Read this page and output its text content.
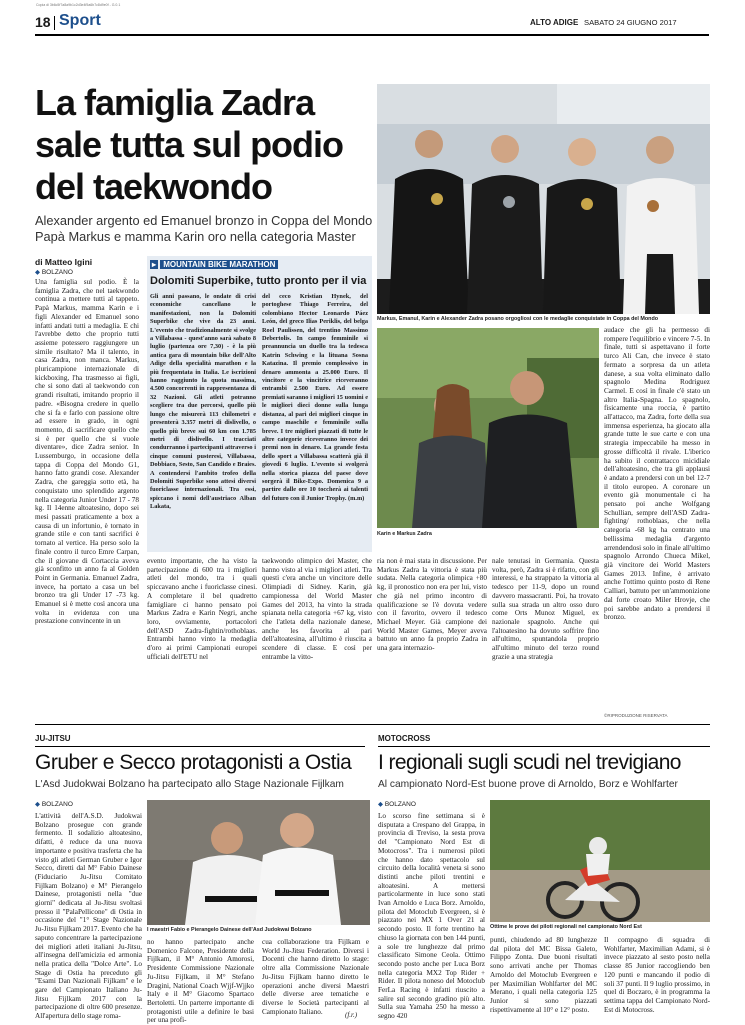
Copia di 3b6c5f7a8a9b1c2d3e4f5a6b7c8d9e0f - G.0.1
18 Sport	ALTO ADIGE SABATO 24 GIUGNO 2017
La famiglia Zadra sale tutta sul podio del taekwondo
Alexander argento ed Emanuel bronzo in Coppa del Mondo
Papà Markus e mamma Karin oro nella categoria Master
di Matteo Igini
◆ BOLZANO
Una famiglia sul podio. È la famiglia Zadra, che nel taekwondo continua a mettere tutti al tappeto. Papà Markus, mamma Karin e i figli Alexander ed Emanuel sono infatti andati tutti a medaglia. E chi l'avrebbe detto che proprio tutti assieme potessero raggiungere un simile risultato? Ma il talento, in casa Zadra, non manca. Markus, pluricampione internazionale di kickboxing, l'ha trasmesso ai figli, che si sono dati al taekwondo con grandi risultati, imitando proprio il padre. «Bisogna credere in quello che si fa e farlo con passione oltre ad essere in grado, in ogni momento, di sacrificare quello che si è per quello che si vuole diventare», dice Zadra senior. In Lussemburgo, in occasione della tappa di Coppa del Mondo G1, hanno fatto grandi cose. Alexander Zadra, che gareggia sotto età, ha conquistato uno splendido argento nella categoria Junior Under 17 - 78 kg. Il 14enne altoatesino, dopo sei mesi passati praticamente a box a causa di un infortunio, è tornato in grande stile e con tanti sacrifici è tornato al vertice. Ha perso solo la finale contro il turco Emre Carpan, che il giovane di Cortaccia aveva già sconfitto un anno fa al Golden Point in Germania. Emanuel Zadra, invece, ha portato a casa un bel bronzo tra gli Under 17 -73 kg. Emanuel si è mette così ancora una volta in evidenza con una prestazione convincente in un
▸ MOUNTAIN BIKE MARATHON
Dolomiti Superbike, tutto pronto per il via
Gli anni passano, le ondate di crisi economiche cancellano le manifestazioni, non la Dolomiti Superbike che vive da 23 anni. L'evento che tradizionalmente si svolge a Villabassa - quest'anno sarà sabato 8 luglio (partenza ore 7,30) - è la più antica gara di mountain bike dell'Alto Adige della specialità marathon e la più frequentata in Italia. Le iscrizioni hanno raggiunto la quota massima, 4.500 concorrenti in rappresentanza di 32 Nazioni. Gli atleti potranno scegliere tra due percorsi, quello più lungo che misurerà 113 chilometri e presenterà 3.357 metri di dislivello, o quello più breve sui 60 km con 1.785 metri di dislivello. I tracciati condurranno i partecipanti attraverso i cinque comuni pusteresi, Villabassa, Dobbiaco, Sesto, San Candido e Braies. A contendersi l'ambito trofeo della Dolomiti Superbike sono attesi diversi fuoriclasse internazionali. Tra essi, spiccano i nomi dell'austriaco Alban Lakata,
del ceco Kristian Hynek, del portoghese Thiago Ferreira, del colombiano Hector Leonardo Páez León, del greco Ilias Periklis, del belga Roel Paulissen, del trentino Massimo Debertolis. In campo femminile si preannuncia un duello tra la tedesca Katrin Schwing e la lituana Sosna Katazina. Il premio complessivo in denaro ammonta a 25.000 Euro. Il vincitore e la vincitrice riceveranno entrambi 2.500 Euro. Ad essere premiati saranno i migliori 15 uomini e le migliori dieci donne sulla lunga distanza, al pari dei migliori cinque in campo maschile e femminile sulla breve. I tre migliori piazzati di tutte le altre categorie riceveranno invece dei premi non in denaro. La grande festa dello sport a Villabassa scatterà già il giovedì 6 luglio. L'evento si svolgerà nella storica piazza del paese dove sorgerà il Bike-Expo. Domenica 9 a partire dalle ore 10 toccherà ai talenti del futuro con il Junior Trophy. (m.m)
evento importante, che ha visto la partecipazione di 600 tra i migliori atleti del mondo, tra i quali spiccavano anche i fuoriclasse cinesi. A completare il bel quadretto famigliare ci hanno pensato poi Markus Zadra e Karin Negri, anche loro, ovviamente, portacolori dell'ASD Zadra-fightin/rothoblaas. Entrambi hanno vinto la medaglia d'oro ai primi Campionati europei ufficiali dell'ETU nel
taekwondo olimpico dei Master, che hanno visto al via i migliori atleti. Tra questi c'era anche un vincitore delle Olimpiadi di Sidney. Karin, già campionessa del World Master Games del 2013, ha vinto la strada spianata nella categoria +67 kg, visto che l'atleta della nazionale danese, anche les favorita al pari dell'altoatesina, all'ultimo è riuscita a scendere di classe. E così per entrambe la vitto-
ria non è mai stata in discussione. Per Markus Zadra la vittoria è stata più sudata. Nella categoria olimpica +80 kg, il pronostico non era per lui, visto che già nel primo incontro di qualificazione se l'è dovuta vedere con il favorito, ovvero il tedesco Michael Meyer. Già campione dei World Master Games, Meyer aveva battuto un anno fa proprio Zadra in una gara internazio-
nale tenutasi in Germania. Questa volta, però, Zadra si è rifatto, con gli interessi, e ha strappato la vittoria al tedesco per 11-9, dopo un round davvero massacranti. Poi, ha trovato sulla sua strada un altro osso duro come Orts Munoz Miguel, ex nazionale spagnolo. Anche qui l'altoatesino ha dovuto soffrire fino all'ultimo, spuntandola proprio all'ultimo minuto del terzo round grazie a una strategia
audace che gli ha permesso di rompere l'equilibrio e vincere 7-5. In finale, tutti si aspettavano il forte turco Ali Can, che invece è stato fermato a sorpresa da un atleta danese, a sua volta eliminato dallo spagnolo Medina Rodriguez Carmel. E così in finale c'è stato un altro Italia-Spagna. Lo spagnolo, fisicamente una roccia, è partito all'attacco, ma Zadra, forte della sua immensa esperienza, ha giocato alla grande tutte le sue carte e con una strategia impeccabile ha messo in grosse difficoltà il rivale. L'iberico ha subito il contrattacco micidiale dell'altoatesino, che tra gli applausi è andato a prendersi con un bel 12-7 il titolo europeo. A coronare un evento già monumentale ci ha pensato poi anche Wolfgang Schullian, sempre dell'ASD Zadra-fighting/ rothoblaas, che nella categoria -68 kg ha centrato una bellissima medaglia d'argento arrendendosi solo in finale all'ultimo spagnolo Arrondo Chueca Mikel, già vincitore dei World Masters Games 2013. Infine, è arrivato anche l'ottimo quinto posto di Rene Calliari, battuto per un'ammonizione dal forte croato Miler Hrovje, che poi sarebbe andato a prendersi il bronzo.
©RIPRODUZIONE RISERVATA
Markus, Emanul, Karin e Alexander Zadra posano orgogliosi con le medaglie conquistate in Coppa del Mondo
Karin e Markus Zadra
JU-JITSU
Gruber e Secco protagonisti a Ostia
L'Asd Judokwai Bolzano ha partecipato allo Stage Nazionale Fijlkam
◆ BOLZANO
L'attività dell'A.S.D. Judokwai Bolzano prosegue con grande fermento. Il sodalizio altoatesino, difatti, è reduce da una nuova importante e positiva trasferta che ha visto gli atleti German Gruber e Igor Secco, diretti dal M° Fabio Dainese (Fiduciario Ju-Jitsu Comitato Fijlkam Bolzano) e M° Pierangelo Dainese, protagonisti nella "due giorni" dedicata al Ju-Jitsu svoltasi presso il "PalaPellicone" di Ostia in occasione del "1° Stage Nazionale Ju-Jitsu Fijlkam 2017. Evento che ha saputo concentrare la partecipazione dei migliori atleti italiani Ju-Jitsu, all'insegna dell'amicizia ed armonia nella pratica della "Dolce Arte". Lo Stage di Ostia ha preceduto gli "Esami Dan Nazionali Fijlkam" e le gare del Campionato Italiano Ju-Jitsu Fijlkam 2017 con la partecipazione di oltre 600 presenze. All'apertura dello stage roma-
I maestri Fabio e Pierangelo Dainese dell'Asd Judokwai Bolzano
no hanno partecipato anche Domenico Falcone, Presidente della Fijlkam, il M° Antonio Amorosi, Presidente Commissione Nazionale Ju-Jitsu Fijlkam, il M° Stefano Dragini, National Coach Wjjf-Wjjko Italy e il M° Giacomo Spartaco Bertoletti. Un parterre importante di protagonisti utile a definire le basi per una profi-
cua collaborazione tra Fijlkam e World Ju-Jitsu Federation. Diversi i Docenti che hanno diretto lo stage: oltre alla Commissione Nazionale Ju-Jitsu Fijlkam hanno diretto le operazioni anche diversi Maestri delle diverse aree tematiche e diverse le Società partecipanti al Campionato Italiano.	(f.r.)
MOTOCROSS
I regionali sugli scudi nel trevigiano
Al campionato Nord-Est buone prove di Arnoldo, Borz e Wohlfarter
◆ BOLZANO
Lo scorso fine settimana si è disputata a Crespano del Grappa, in provincia di Treviso, la sesta prova del "Campionato Nord Est di Motocross". Tra i numerosi piloti che hanno dato spettacolo sul circuito della località veneta si sono distinti anche piloti trentini e altoatesini. A mettersi particolarmente in luce sono stati Ivan Arnoldo e Luca Borz. Arnoldo, pilota del Motoclub Evergreen, si è piazzato nei MX 1 Over 21 al secondo posto. Il forte trentino ha chiuso la giornata con ben 144 punti, a sole tre lunghezze dal primo classificato Simone Ceola. Ottimo secondo posto anche per Luca Borz nella categoria MX2 Top Rider + Rider. Il pilota noneso del Motoclub FerLa Racing è infatti riuscito a salire sul secondo gradino più alto. Sulla sua Yamaha 250 ha messo a segno 420
Ottime le prove dei piloti regionali nel campionato Nord Est
punti, chiudendo ad 80 lunghezze dal pilota del MC Bissa Galeto, Filippo Zonta. Due buoni risultati sono arrivati anche per Thomas Arnoldo del Motoclub Evergreen e per Maximilian Wohlfarter del MC Merano, i quali nella categoria 125 Junior si sono piazzati rispettivamente al 10° e 12° posto.
Il compagno di squadra di Wohlfarter, Maximilian Adami, si è invece piazzato al sesto posto nella classe 85 Junior raccogliendo ben 120 punti e mancando il podio di soli 37 punti. Il 9 luglio prossimo, in quel di Boczaro, è in programma la settima tappa del Campionato Nord-Est di Motocross.
